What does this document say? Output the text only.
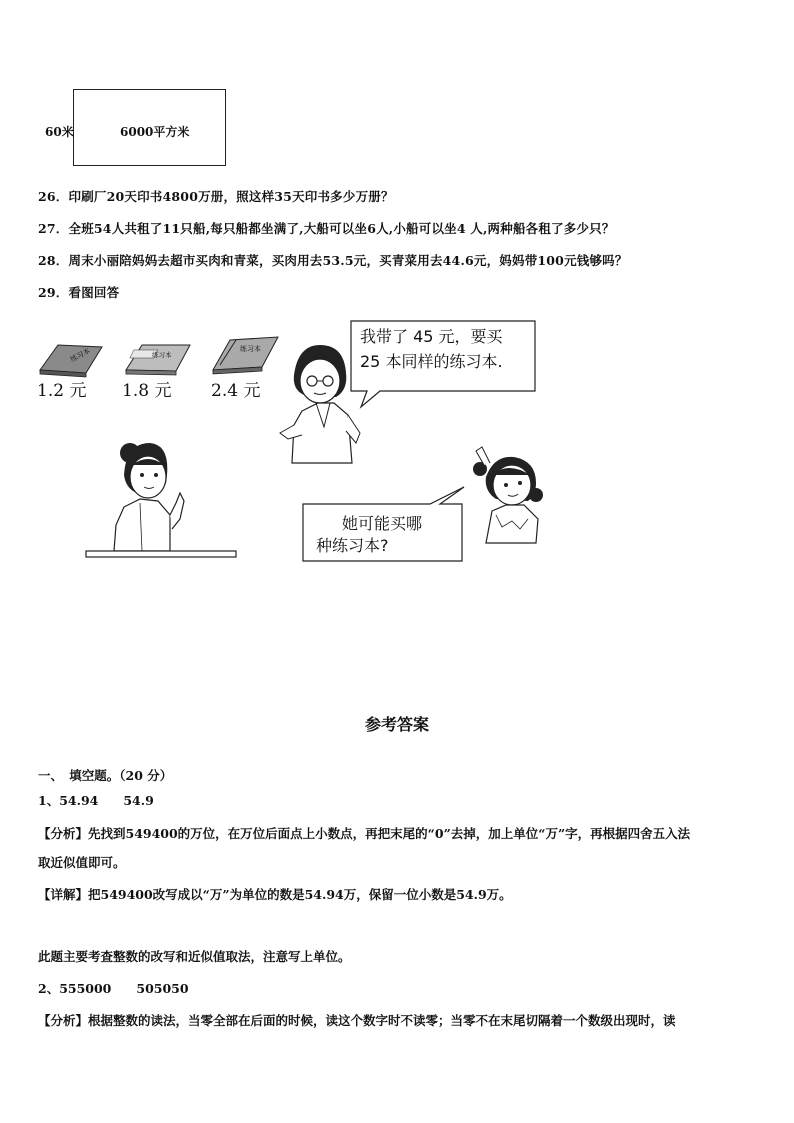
60米	6000平方米
26．印刷厂20天印书4800万册，照这样35天印书多少万册？
27．全班54人共租了11只船,每只船都坐满了,大船可以坐6人,小船可以坐4 人,两种船各租了多少只？
28．周末小丽陪妈妈去超市买肉和青菜，买肉用去53.5元，买青菜用去44.6元，妈妈带100元钱够吗？
29．看图回答
练习本	练习本
练习本
1.2 元 1.8 元 2.4 元
我带了 45 元，要买
25 本同样的练习本.
她可能买哪
种练习本?
参考答案
一、　填空题。（20 分）
1、54.94　　54.9
【分析】先找到549400的万位，在万位后面点上小数点，再把末尾的“0”去掉，加上单位“万”字，再根据四舍五入法
取近似值即可。
【详解】把549400改写成以“万”为单位的数是54.94万，保留一位小数是54.9万。
此题主要考查整数的改写和近似值取法，注意写上单位。
2、555000　　505050
【分析】根据整数的读法，当零全部在后面的时候，读这个数字时不读零；当零不在末尾切隔着一个数级出现时，读
